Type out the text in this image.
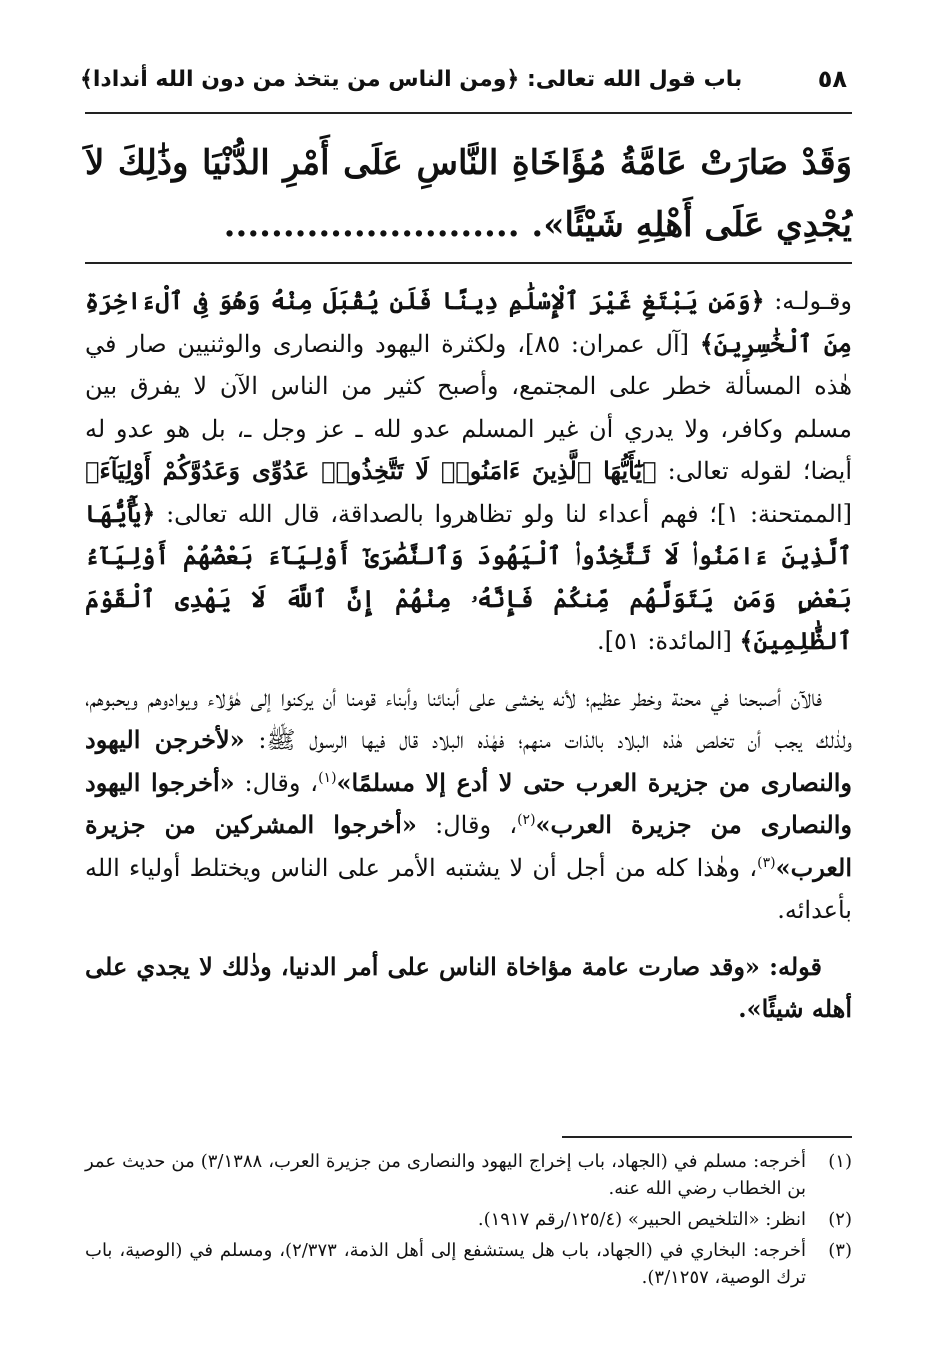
٥٨
باب قول الله تعالى: ﴿ومن الناس من يتخذ من دون الله أندادا﴾
وَقَدْ صَارَتْ عَامَّةُ مُؤَاخَاةِ النَّاسِ عَلَى أَمْرِ الدُّنْيَا وذَٰلِكَ لاَ يُجْدِي عَلَى أَهْلِهِ شَيْئًا». .........................

وقـولـه: ﴿وَمَن يَبْتَغِ غَيْرَ ٱلْإِسْلَٰمِ دِينًا فَلَن يُقْبَلَ مِنْهُ وَهُوَ فِى ٱلْءَاخِرَةِ مِنَ ٱلْخَٰسِرِينَ﴾ [آل عمران: ٨٥]، ولكثرة اليهود والنصارى والوثنيين صار في هٰذه المسألة خطر على المجتمع، وأصبح كثير من الناس الآن لا يفرق بين مسلم وكافر، ولا يدري أن غير المسلم عدو لله ـ عز وجل ـ، بل هو عدو له أيضا؛ لقوله تعالى: ﴿يَٰٓأَيُّهَا ٱلَّذِينَ ءَامَنُوا۟ لَا تَتَّخِذُوا۟ عَدُوِّى وَعَدُوَّكُمْ أَوْلِيَآءَ﴾ [الممتحنة: ١]؛ فهم أعداء لنا ولو تظاهروا بالصداقة، قال الله تعالى: ﴿يَٰٓأَيُّهَا ٱلَّذِينَ ءَامَنُوا۟ لَا تَتَّخِذُوا۟ ٱلْيَهُودَ وَٱلنَّصَٰرَىٰٓ أَوْلِيَآءَ بَعْضُهُمْ أَوْلِيَآءُ بَعْضٍ وَمَن يَتَوَلَّهُم مِّنكُمْ فَإِنَّهُۥ مِنْهُمْ إِنَّ ٱللَّهَ لَا يَهْدِى ٱلْقَوْمَ ٱلظَّٰلِمِينَ﴾ [المائدة: ٥١].

فالآن أصبحنا في محنة وخطر عظيم؛ لأنه يخشى على أبنائنا وأبناء قومنا أن يركنوا إلى هٰؤلاء ويوادوهم ويحبوهم، ولذٰلك يجب أن تخلص هٰذه البلاد بالذات منهم؛ فهٰذه البلاد قال فيها الرسول ﷺ: «لأخرجن اليهود والنصارى من جزيرة العرب حتى لا أدع إلا مسلمًا»$^{(١)}$، وقال: «أخرجوا اليهود والنصارى من جزيرة العرب»$^{(٢)}$، وقال: «أخرجوا المشركين من جزيرة العرب»$^{(٣)}$، وهٰذا كله من أجل أن لا يشتبه الأمر على الناس ويختلط أولياء الله بأعدائه.

قوله: «وقد صارت عامة مؤاخاة الناس على أمر الدنيا، وذٰلك لا يجدي على أهله شيئًا».

(١)
أخرجه: مسلم في (الجهاد، باب إخراج اليهود والنصارى من جزيرة العرب، ٣/١٣٨٨) من حديث عمر بن الخطاب رضي الله عنه.
(٢)
انظر: «التلخيص الحبير» (١٢٥/٤/رقم ١٩١٧).
(٣)
أخرجه: البخاري في (الجهاد، باب هل يستشفع إلى أهل الذمة، ٢/٣٧٣)، ومسلم في (الوصية، باب ترك الوصية، ٣/١٢٥٧).
